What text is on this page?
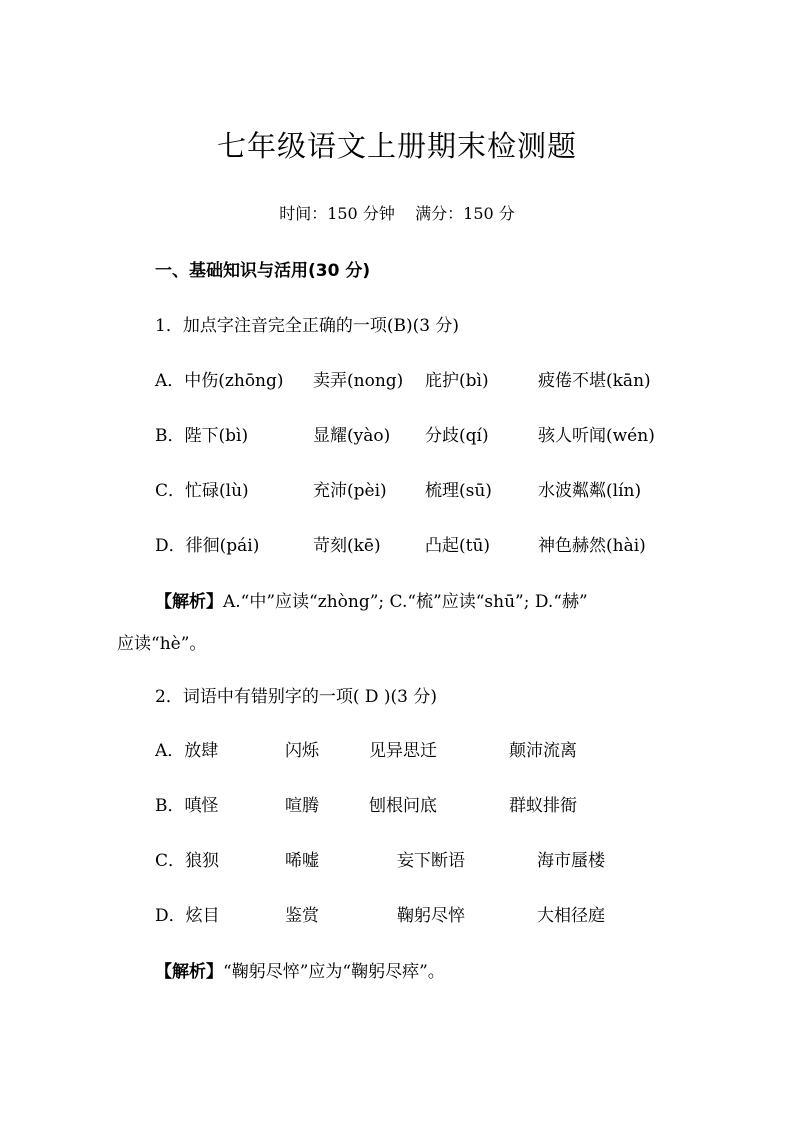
七年级语文上册期末检测题
时间：150 分钟    满分：150 分
一、基础知识与活用(30 分)
1．加点字注音完全正确的一项(B)(3 分)
A．中伤(zhōng) 卖弄(nong) 庇护(bì)	疲倦不堪(kān)
B．陛下(bì)	显耀(yào) 分歧(qí)	骇人听闻(wén)
C．忙碌(lù)	充沛(pèi) 梳理(sū)	水波粼粼(lín)
D．徘徊(pái)	苛刻(kē)	凸起(tū)	神色赫然(hài)
【解析】A.“中”应读“zhòng”; C.“梳”应读“shū”; D.“赫”
应读“hè”。
2．词语中有错别字的一项( D )(3 分)
A．放肆	闪烁	见异思迁	颠沛流离
B．嗔怪	喧腾	刨根问底	群蚁排衙
C．狼狈	唏嘘	妄下断语	海市蜃楼
D．炫目	鉴赏	鞠躬尽悴	大相径庭
【解析】“鞠躬尽悴”应为“鞠躬尽瘁”。
